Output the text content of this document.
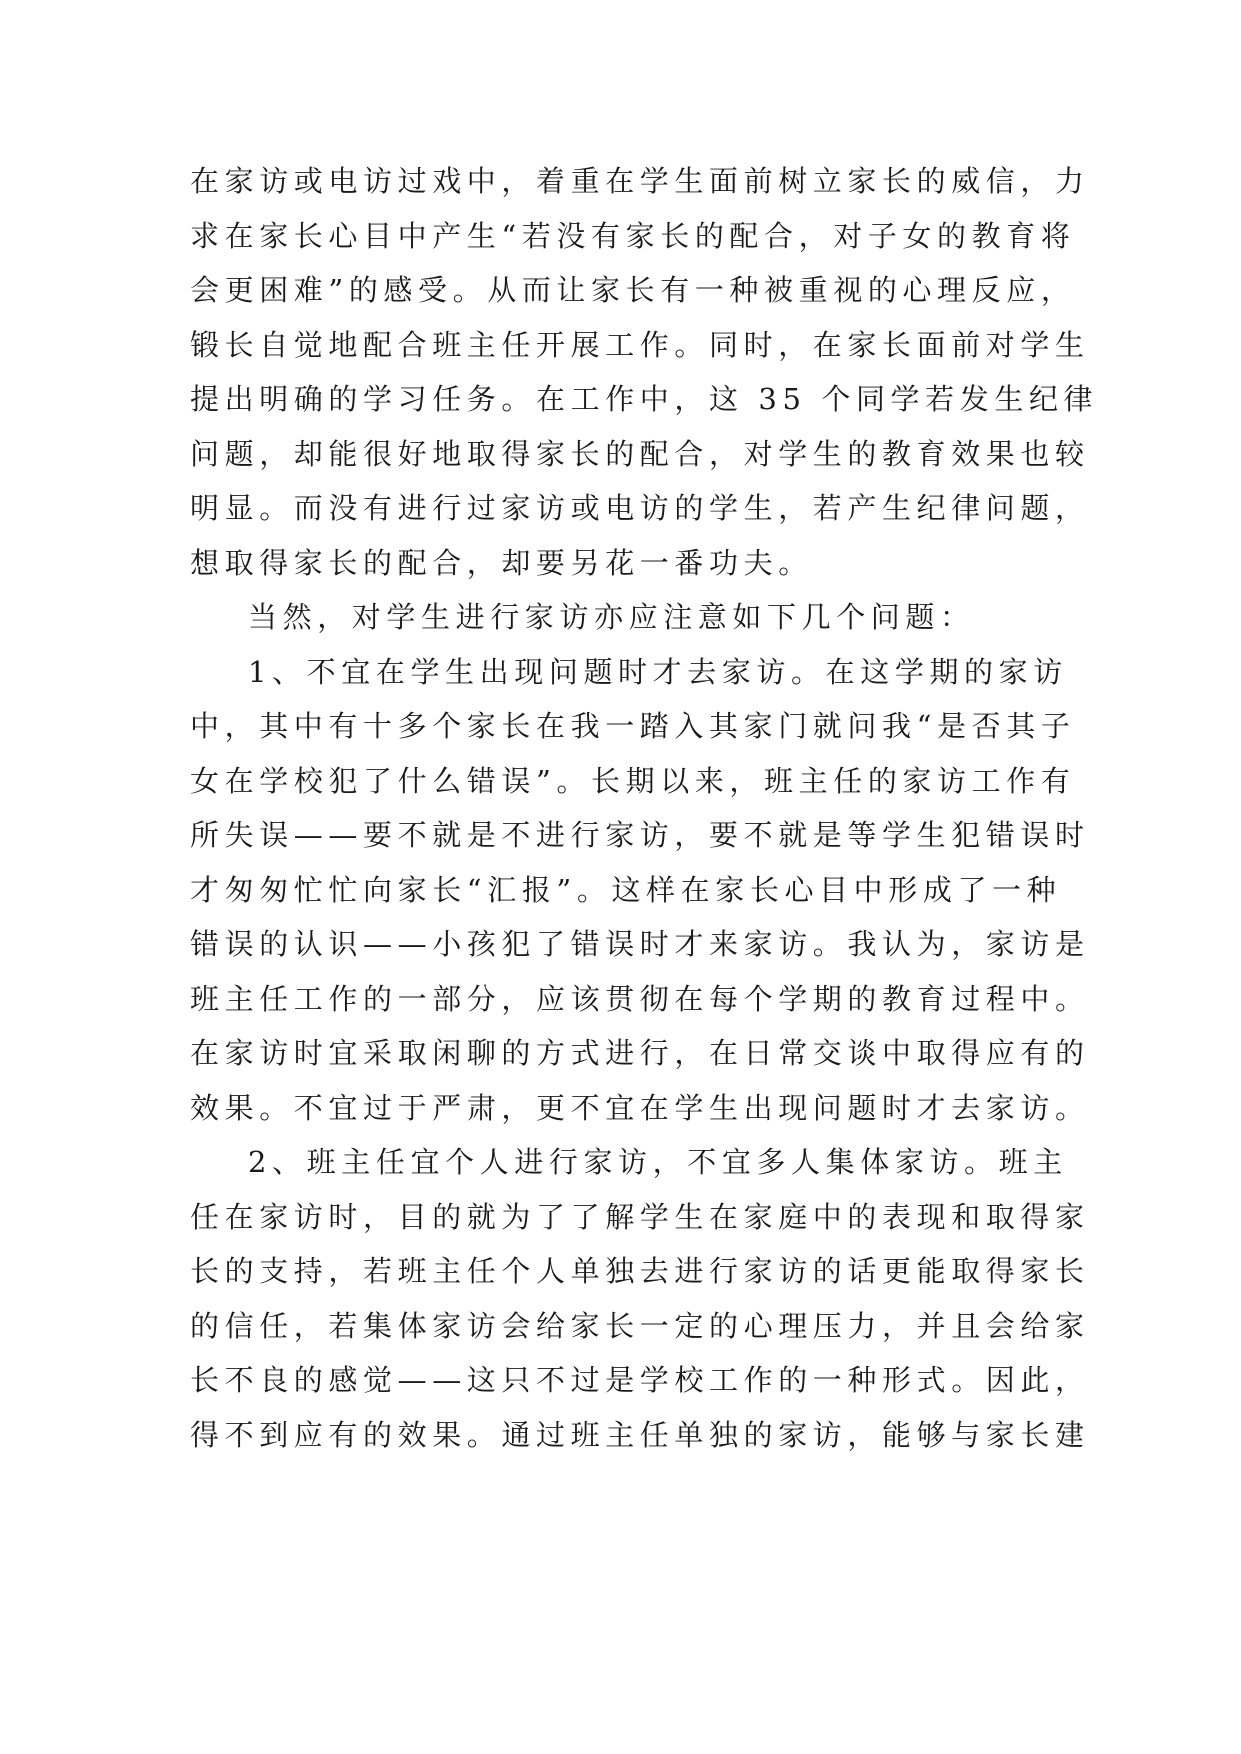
在家访或电访过戏中，着重在学生面前树立家长的威信，力
求在家长心目中产生“若没有家长的配合，对子女的教育将
会更困难”的感受。从而让家长有一种被重视的心理反应，
锻长自觉地配合班主任开展工作。同时，在家长面前对学生
提出明确的学习任务。在工作中，这 35 个同学若发生纪律
问题，却能很好地取得家长的配合，对学生的教育效果也较
明显。而没有进行过家访或电访的学生，若产生纪律问题，
想取得家长的配合，却要另花一番功夫。
当然，对学生进行家访亦应注意如下几个问题：
1、不宜在学生出现问题时才去家访。在这学期的家访
中，其中有十多个家长在我一踏入其家门就问我“是否其子
女在学校犯了什么错误”。长期以来，班主任的家访工作有
所失误——要不就是不进行家访，要不就是等学生犯错误时
才匆匆忙忙向家长“汇报”。这样在家长心目中形成了一种
错误的认识——小孩犯了错误时才来家访。我认为，家访是
班主任工作的一部分，应该贯彻在每个学期的教育过程中。
在家访时宜采取闲聊的方式进行，在日常交谈中取得应有的
效果。不宜过于严肃，更不宜在学生出现问题时才去家访。
2、班主任宜个人进行家访，不宜多人集体家访。班主
任在家访时，目的就为了了解学生在家庭中的表现和取得家
长的支持，若班主任个人单独去进行家访的话更能取得家长
的信任，若集体家访会给家长一定的心理压力，并且会给家
长不良的感觉——这只不过是学校工作的一种形式。因此，
得不到应有的效果。通过班主任单独的家访，能够与家长建
